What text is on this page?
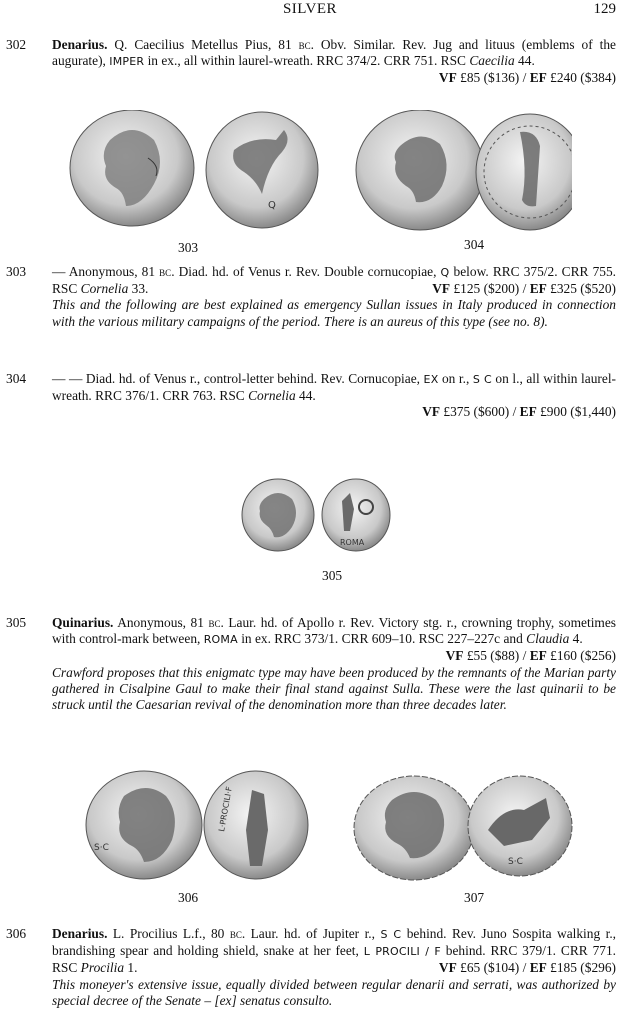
SILVER	129
302 Denarius. Q. Caecilius Metellus Pius, 81 bc. Obv. Similar. Rev. Jug and lituus (emblems of the augurate), IMPER in ex., all within laurel-wreath. RRC 374/2. CRR 751. RSC Caecilia 44.
VF £85 ($136) / EF £240 ($384)

Q
303	304
303 — Anonymous, 81 bc. Diad. hd. of Venus r. Rev. Double cornucopiae, Q below. RRC 375/2. CRR 755. RSC Cornelia 33.	VF £125 ($200) / EF £325 ($520)

This and the following are best explained as emergency Sullan issues in Italy produced in connection with the various military campaigns of the period. There is an aureus of this type (see no. 8).

304 — — Diad. hd. of Venus r., control-letter behind. Rev. Cornucopiae, EX on r., S C on l., all within laurel-wreath. RRC 376/1. CRR 763. RSC Cornelia 44.

VF £375 ($600) / EF £900 ($1,440)

ROMA
305
305 Quinarius. Anonymous, 81 bc. Laur. hd. of Apollo r. Rev. Victory stg. r., crowning trophy, sometimes with control-mark between, ROMA in ex. RRC 373/1. CRR 609–10. RSC 227–227c and Claudia 4.
VF £55 ($88) / EF £160 ($256)

Crawford proposes that this enigmatc type may have been produced by the remnants of the Marian party gathered in Cisalpine Gaul to make their final stand against Sulla. These were the last quinarii to be struck until the Caesarian revival of the denomination more than three decades later.

S·C
L·PROCILI·F
S·C
306	307
306 Denarius. L. Procilius L.f., 80 bc. Laur. hd. of Jupiter r., S C behind. Rev. Juno Sospita walking r., brandishing spear and holding shield, snake at her feet, L PROCILI / F behind. RRC 379/1. CRR 771. RSC Procilia 1.	VF £65 ($104) / EF £185 ($296)

This moneyer's extensive issue, equally divided between regular denarii and serrati, was authorized by special decree of the Senate – [ex] senatus consulto.
